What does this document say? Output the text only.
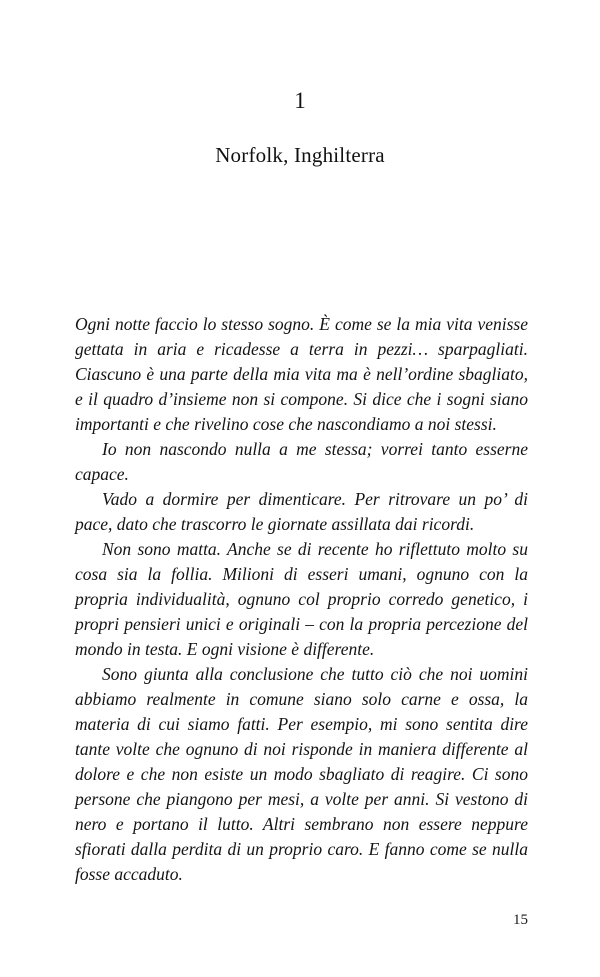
1
Norfolk, Inghilterra

Ogni notte faccio lo stesso sogno. È come se la mia vita venisse gettata in aria e ricadesse a terra in pezzi… sparpagliati. Ciascuno è una parte della mia vita ma è nell’ordine sbagliato, e il quadro d’insieme non si compone. Si dice che i sogni siano importanti e che rivelino cose che nascondiamo a noi stessi.

Io non nascondo nulla a me stessa; vorrei tanto esserne capace.

Vado a dormire per dimenticare. Per ritrovare un po’ di pace, dato che trascorro le giornate assillata dai ricordi.

Non sono matta. Anche se di recente ho riflettuto molto su cosa sia la follia. Milioni di esseri umani, ognuno con la propria individualità, ognuno col proprio corredo genetico, i propri pensieri unici e originali – con la propria percezione del mondo in testa. E ogni visione è differente.

Sono giunta alla conclusione che tutto ciò che noi uomini abbiamo realmente in comune siano solo carne e ossa, la materia di cui siamo fatti. Per esempio, mi sono sentita dire tante volte che ognuno di noi risponde in maniera differente al dolore e che non esiste un modo sbagliato di reagire. Ci sono persone che piangono per mesi, a volte per anni. Si vestono di nero e portano il lutto. Altri sembrano non essere neppure sfiorati dalla perdita di un proprio caro. E fanno come se nulla fosse accaduto.

15
